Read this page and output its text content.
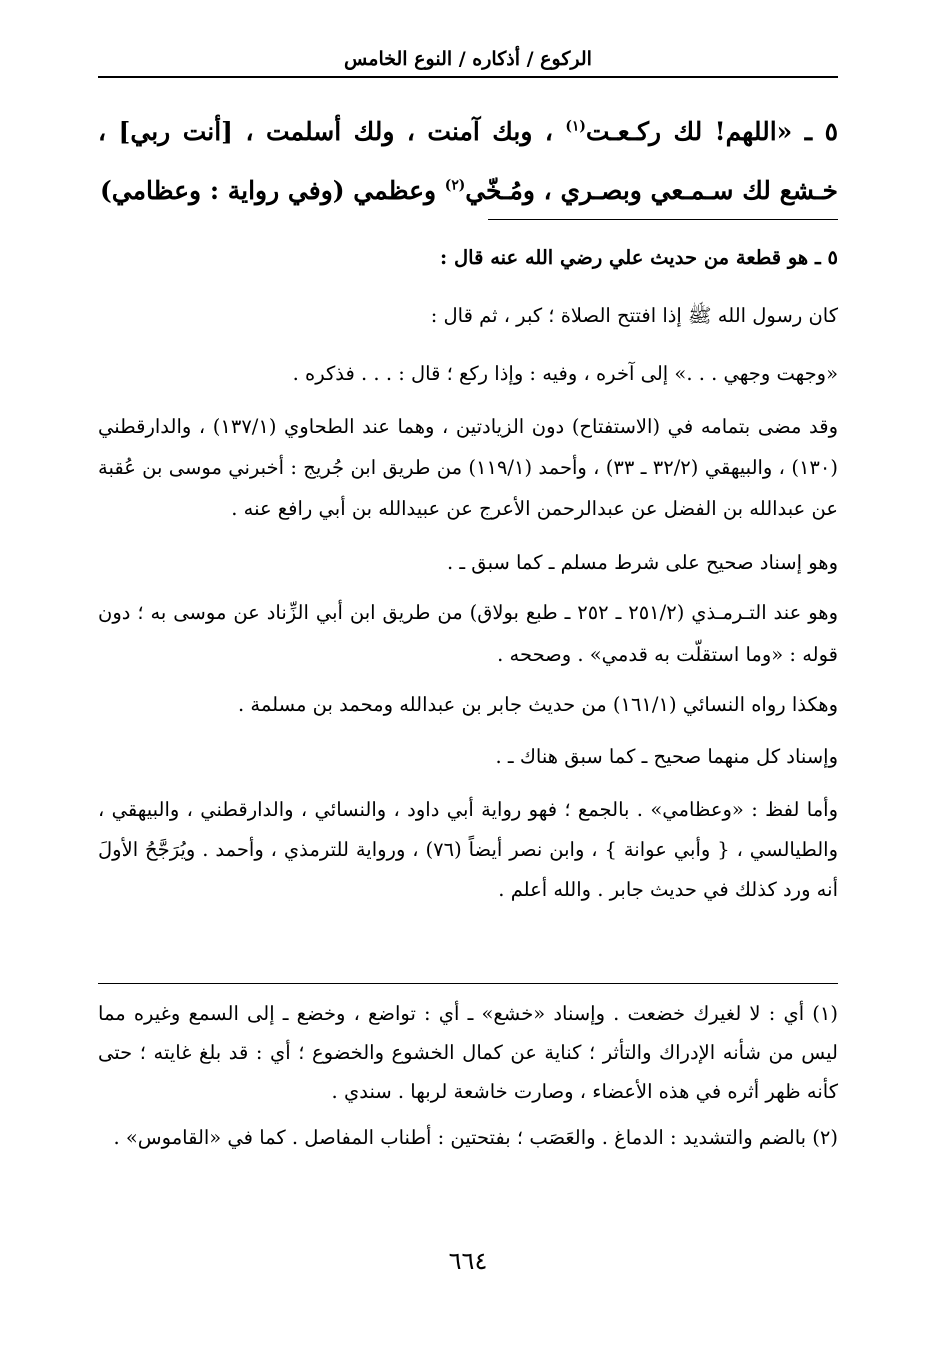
الركوع / أذكاره / النوع الخامس
٥ ـ «اللهم! لك ركـعـت$^{(١)}$ ، وبك آمنت ، ولك أسلمت ، [أنت ربي] ، خـشع لك سـمـعي وبصـري ، ومُـخّي$^{(٢)}$ وعظمي (وفي رواية : وعظامي)

٥ ـ هو قطعة من حديث علي رضي الله عنه قال :

كان رسول الله ﷺ إذا افتتح الصلاة ؛ كبر ، ثم قال :

«وجهت وجهي . . .» إلى آخره ، وفيه : وإذا ركع ؛ قال : . . . فذكره .

وقد مضى بتمامه في (الاستفتاح) دون الزيادتين ، وهما عند الطحاوي (١٣٧/١) ، والدارقطني (١٣٠) ، والبيهقي (٣٢/٢ ـ ٣٣) ، وأحمد (١١٩/١) من طريق ابن جُريج : أخبرني موسى بن عُقبة عن عبدالله بن الفضل عن عبدالرحمن الأعرج عن عبيدالله بن أبي رافع عنه .

وهو إسناد صحيح على شرط مسلم ـ كما سبق ـ .

وهو عند التـرمـذي (٢٥١/٢ ـ ٢٥٢ ـ طبع بولاق) من طريق ابن أبي الزِّناد عن موسى به ؛ دون قوله : «وما استقلّت به قدمي» . وصححه .

وهكذا رواه النسائي (١٦١/١) من حديث جابر بن عبدالله ومحمد بن مسلمة .

وإسناد كل منهما صحيح ـ كما سبق هناك ـ .

وأما لفظ : «وعظامي» . بالجمع ؛ فهو رواية أبي داود ، والنسائي ، والدارقطني ، والبيهقي ، والطيالسي ، { وأبي عوانة } ، وابن نصر أيضاً (٧٦) ، ورواية للترمذي ، وأحمد . ويُرَجَّحُ الأولَ أنه ورد كذلك في حديث جابر . والله أعلم .

(١) أي : لا لغيرك خضعت . وإسناد «خشع» ـ أي : تواضع ، وخضع ـ إلى السمع وغيره مما ليس من شأنه الإدراك والتأثر ؛ كناية عن كمال الخشوع والخضوع ؛ أي : قد بلغ غايته ؛ حتى كأنه ظهر أثره في هذه الأعضاء ، وصارت خاشعة لربها . سندي .

(٢) بالضم والتشديد : الدماغ . والعَصَب ؛ بفتحتين : أطناب المفاصل . كما في «القاموس» .

٦٦٤
